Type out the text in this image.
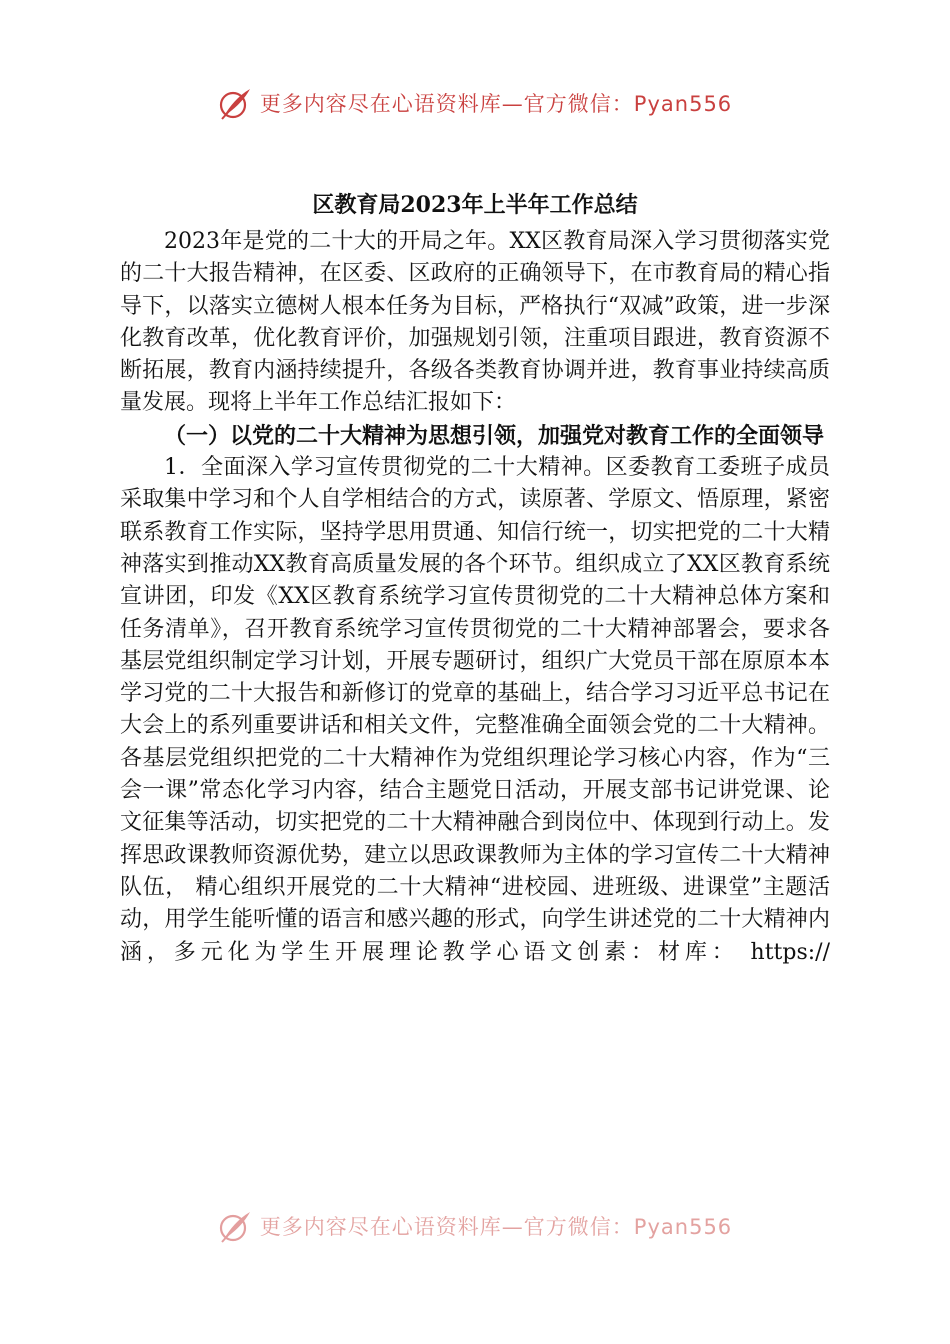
更多内容尽在心语资料库—官方微信：Pyan556
区教育局2023年上半年工作总结

2023年是党的二十大的开局之年。XX区教育局深入学习贯彻落实党的二十大报告精神，在区委、区政府的正确领导下，在市教育局的精心指导下，以落实立德树人根本任务为目标，严格执行“双减”政策，进一步深化教育改革，优化教育评价，加强规划引领，注重项目跟进，教育资源不断拓展，教育内涵持续提升，各级各类教育协调并进，教育事业持续高质量发展。现将上半年工作总结汇报如下：

（一）以党的二十大精神为思想引领，加强党对教育工作的全面领导

1．全面深入学习宣传贯彻党的二十大精神。区委教育工委班子成员采取集中学习和个人自学相结合的方式，读原著、学原文、悟原理，紧密联系教育工作实际，坚持学思用贯通、知信行统一，切实把党的二十大精神落实到推动XX教育高质量发展的各个环节。组织成立了XX区教育系统宣讲团，印发《XX区教育系统学习宣传贯彻党的二十大精神总体方案和任务清单》，召开教育系统学习宣传贯彻党的二十大精神部署会，要求各基层党组织制定学习计划，开展专题研讨，组织广大党员干部在原原本本学习党的二十大报告和新修订的党章的基础上，结合学习习近平总书记在大会上的系列重要讲话和相关文件，完整准确全面领会党的二十大精神。各基层党组织把党的二十大精神作为党组织理论学习核心内容，作为“三会一课”常态化学习内容，结合主题党日活动，开展支部书记讲党课、论文征集等活动，切实把党的二十大精神融合到岗位中、体现到行动上。发挥思政课教师资源优势，建立以思政课教师为主体的学习宣传二十大精神队伍， 精心组织开展党的二十大精神“进校园、进班级、进课堂”主题活动，用学生能听懂的语言和感兴趣的形式，向学生讲述党的二十大精神内涵，多元化为学生开展理论教学心语文创素：材库： https://

更多内容尽在心语资料库—官方微信：Pyan556
